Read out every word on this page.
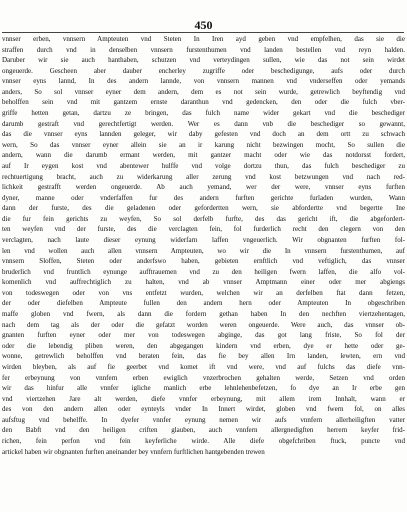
450
vnnser erben, vnnsern Ampteuten vnd Steten In Iren ayd geben vnd empfelhen, das sie die
straffen durch vnd in denselben vnnsern furstenthumen vnd landen bestellen vnd reyn halden.
Daruber wir sie auch hanthaben, schutzen vnd verteydingen sullen, wie das not sein wirdet
ongeuerde. Gescheen aber dauber encherley zugriffe oder beschedigunge, aufs oder durch
vnnser eyns lannd, In des andern lannde, von vnnsern mannen vnd vnderseffen oder yemands
anders, So sol vnnser eyner dem andern, dem es not sein wurde, getrewlich beyftendig vnd
beholffen sein vnd mit gantzem ernste daranthun vnd gedencken, den oder die fulch vber-
griffe hetten getan, dartzu ze bringen, das fulch name wider gekart vnd die beschediger
darumb gestraft vnd gerechtfertigt werden. Wer es dann vnb die beschediger so gewannt,
das die vnnser eyns lannden geleger, wir daby gefesten vnd doch an dem ortt zu schwach
wern, So das vnnser eyner allein sie an ir karung nicht bezwingen mocht, So sullen die
andern, wann die darumb ermant werden, mit gantzer macht oder wie das notdorsst fordert,
auf Ir eygen kost vnd abentewer hulffe vnd volge dortzu thun, das fulch beschediger zu
rechtuertigung bracht, auch zu widerkarung aller zerung vnd kost betzwungen vnd nach red-
lichkeit gestrafft werden ongeuerde. Ab auch yemand, wer der were, vnnser eyns furften
dyner, manne oder vnderfaffen fur des andern furften gerichte furladen wurden, Wann
dann der furste, des die geladenen oder gefordertten wern, sie abfordertte vnd begertte Ine
die fur fein gerichts zu weyfen, So sol derfelb furfte, des das gericht ift, die abgefordert-
ten weyfen vnd der furste, des die verclagten fein, fol furderlich recht den clegern von den
verclagten, nach laute dieser eynung widerfarn laffen vngeuerlich. Wir obgnanten furften fol-
len vnd wollen auch allen vnnsern Ampteuten, wo wir die In vnnsern furstenthumen, auf
vnnsern Sloffen, Steten oder anderfswo haben, gebieten ernftlich vnd veftiglich, das vnnser
bruderlich vnd fruntlich eynunge aufftrauemen vnd zu den heiligen fwern laffen, die alfo vol-
komenlich vnd auffrechtiglich zu halten, vnd ab vnnser Amptmann einer oder mer abgiengs
von todeswegen oder von vns entfetzt wurden, welchen wir an derfelben ftat dann fetzen,
der oder diefelben Ampteute fullen den andern hern oder Ampteuten In obgeschriben
maffe globen vnd fwern, als dann die fordern gethan haben In den nechften viertzehentagen,
nach dem tag als der oder die gefatzt worden weren ongeuerde. Were auch, das vnnser ob-
gnanten furften eyner oder mer von todeswegen abginge, das got lang friste, So fol der
oder die lebendig pliben weren, den abgegangen kindern vnd erben, dye er hette oder ge-
wonne, getrewlich beholffen vnd beraten fein, das fie bey allen Irn landen, lewten, ern vnd
wirden bleyben, als auf fie geerbet vnd komet ift vnd were, vnd auf fulchs das diefe vnn-
fer erbeynung von vnnfern erben ewiglich vnzerbrochen gehalten werde, Setzen vnd orden
wir das hinfur alle vnnfer igliche manlich erbe lehnlehenbefetzen, fo dye an Ir erbe gen
vnd viertzehen Jare alt werden, diefe vnnfer erbeynung, mit allem irem Innhalt, wann er
des von den andern allen oder eynteyls vnder In Innert wirdet, globen vnd fwern fol, on alles
aufsftug vnd behelffe. In dyefer vnnfer eynung nemen wir aufs vnnfern allerheiligften vatter
den Babft vnd den heiligen criften glauben, auch vnnfern allergnedigften herrern keyfer frid-
richen, fein perfon vnd fein keyferliche wirde. Alle diefe obgefchriben ftuck, puncte vnd
artickel haben wir obgnanten furften aneinander bey vnnfern furftlichen hantgebenden trewen
